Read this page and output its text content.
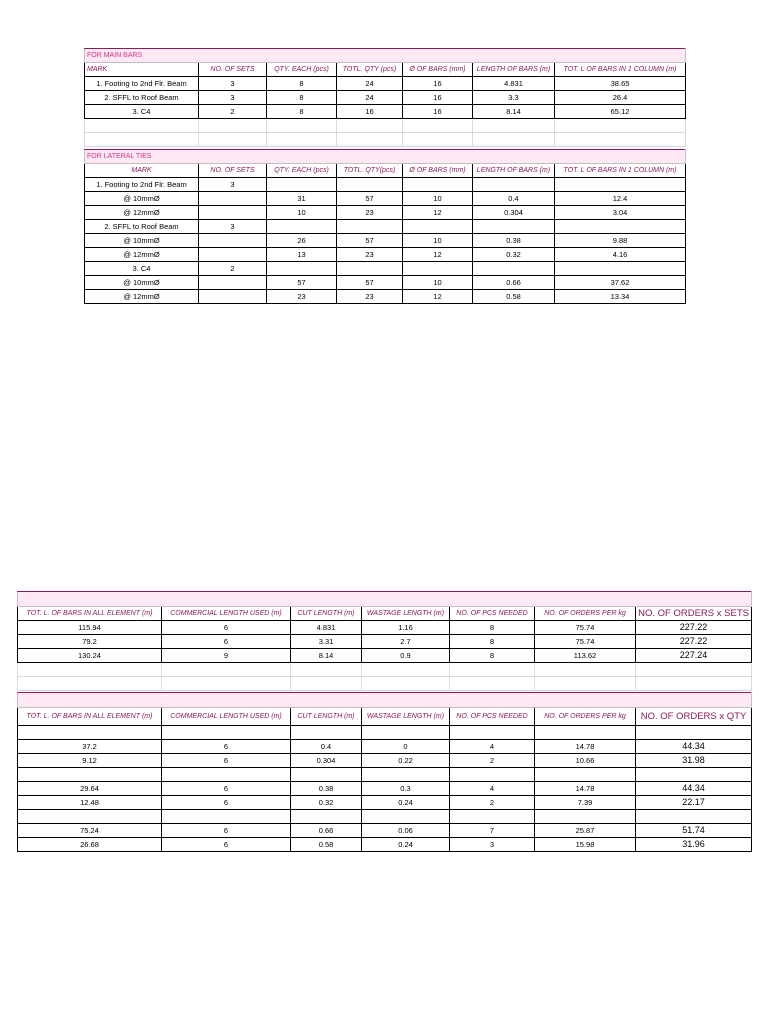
FOR MAIN BARS						
MARK	NO. OF SETS	QTY. EACH (pcs)	TOTL. QTY (pcs)	Ø OF BARS (mm)	LENGTH OF BARS (m)	TOT. L OF BARS IN 1 COLUMN (m)
1. Footing to 2nd Flr. Beam	3	8	24	16	4.831	38.65
2. SFFL to Roof Beam	3	8	24	16	3.3	26.4
3. C4	2	8	16	16	8.14	65.12

FOR LATERAL TIES						
MARK	NO. OF SETS	QTY. EACH (pcs)	TOTL. QTY(pcs)	Ø OF BARS (mm)	LENGTH OF BARS (m)	TOT. L OF BARS IN 1 COLUMN (m)
1. Footing to 2nd Flr. Beam	3					
@ 10mmØ		31	57	10	0.4	12.4
@ 12mmØ		10	23	12	0.304	3.04
2. SFFL to Roof Beam	3					
@ 10mmØ		26	57	10	0.38	9.88
@ 12mmØ		13	23	12	0.32	4.16
3. C4	2					
@ 10mmØ		57	57	10	0.66	37.62
@ 12mmØ		23	23	12	0.58	13.34

TOT. L. OF BARS IN ALL ELEMENT (m)	COMMERCIAL LENGTH USED (m)	CUT LENGTH (m)	WASTAGE LENGTH (m)	NO. OF PCS NEEDED	NO. OF ORDERS PER kg	NO. OF ORDERS x SETS
115.94	6	4.831	1.16	8	75.74	227.22
79.2	6	3.31	2.7	8	75.74	227.22
130.24	9	8.14	0.9	8	113.62	227.24

TOT. L. OF BARS IN ALL ELEMENT (m)	COMMERCIAL LENGTH USED (m)	CUT LENGTH (m)	WASTAGE LENGTH (m)	NO. OF PCS NEEDED	NO. OF ORDERS PER kg	NO. OF ORDERS x QTY

37.2	6	0.4	0	4	14.78	44.34
9.12	6	0.304	0.22	2	10.66	31.98

29.64	6	0.38	0.3	4	14.78	44.34
12.48	6	0.32	0.24	2	7.39	22.17

75.24	6	0.66	0.06	7	25.87	51.74
26.68	6	0.58	0.24	3	15.98	31.96
